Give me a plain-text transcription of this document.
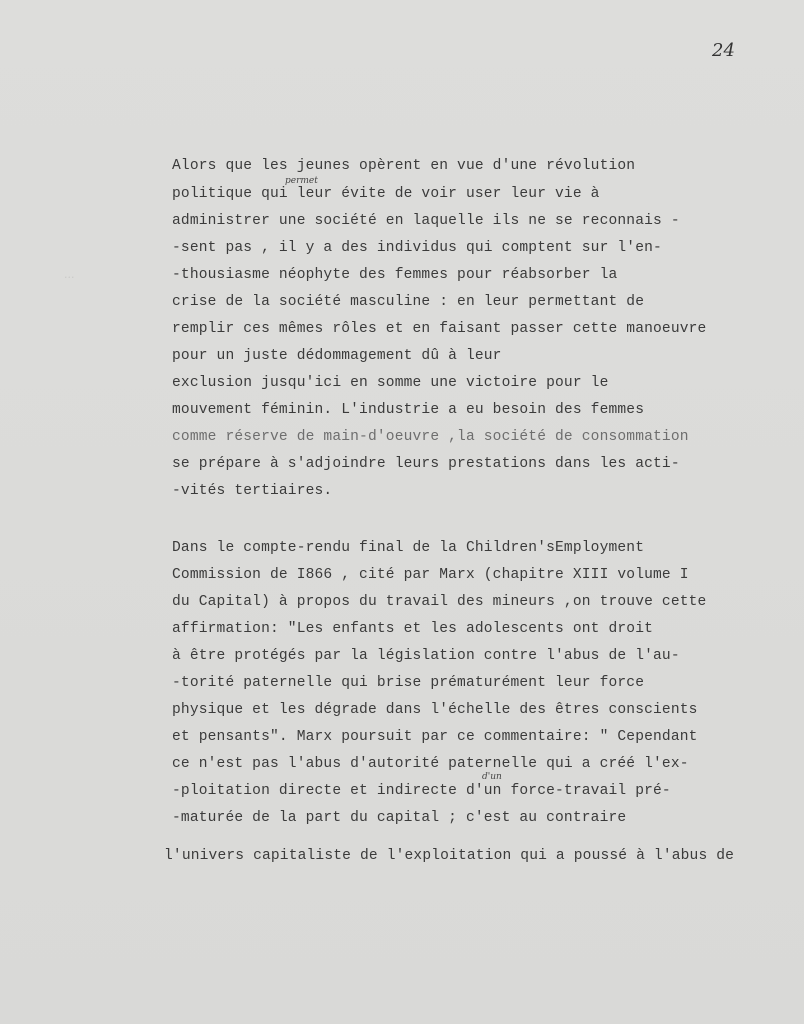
24
...
Alors que les jeunes opèrent en vue d'une révolution
politique qui leur évite de voir user leur vie à
administrer une société en laquelle ils ne se reconnais -
-sent pas , il y a des individus qui comptent sur l'en-
-thousiasme néophyte des femmes pour réabsorber la
crise de la société masculine : en leur permettant de
remplir ces mêmes rôles et en faisant passer cette manoeuvre
pour un juste dédommagement dû à leur
exclusion jusqu'ici en somme une victoire pour le
mouvement féminin. L'industrie a eu besoin des femmes
comme réserve de main-d'oeuvre ,la société de consommation
se prépare à s'adjoindre leurs prestations dans les acti-
-vités tertiaires.
permet
Dans le compte-rendu final de la Children'sEmployment
Commission de I866 , cité par Marx (chapitre XIII volume I
du Capital) à propos du travail des mineurs ,on trouve cette
affirmation: "Les enfants et les adolescents ont droit
à être protégés par la législation contre l'abus de l'au-
-torité paternelle qui brise prématurément leur force
physique et les dégrade dans l'échelle des êtres conscients
et pensants". Marx poursuit par ce commentaire: " Cependant
ce n'est pas l'abus d'autorité paternelle qui a créé l'ex-
-ploitation directe et indirecte d'un force-travail pré-
-maturée de la part du capital ; c'est au contraire
l'univers capitaliste de l'exploitation qui a poussé à l'abus de
d'un
